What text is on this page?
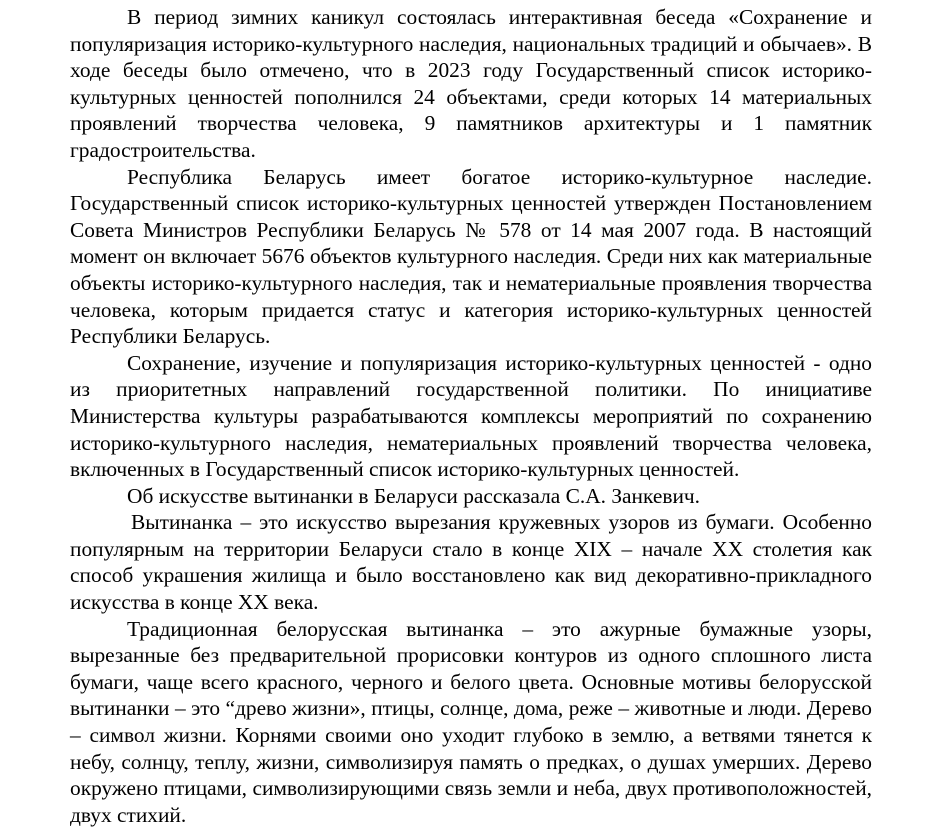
В период зимних каникул состоялась интерактивная беседа «Сохранение и популяризация историко-культурного наследия, национальных традиций и обычаев». В ходе беседы было отмечено, что в 2023 году Государственный список историко-культурных ценностей пополнился 24 объектами, среди которых 14 материальных проявлений творчества человека, 9 памятников архитектуры и 1 памятник градостроительства.

Республика Беларусь имеет богатое историко-культурное наследие. Государственный список историко-культурных ценностей утвержден Постановлением Совета Министров Республики Беларусь № 578 от 14 мая 2007 года. В настоящий момент он включает 5676 объектов культурного наследия. Среди них как материальные объекты историко-культурного наследия, так и нематериальные проявления творчества человека, которым придается статус и категория историко-культурных ценностей Республики Беларусь.

Сохранение, изучение и популяризация историко-культурных ценностей - одно из приоритетных направлений государственной политики. По инициативе Министерства культуры разрабатываются комплексы мероприятий по сохранению историко-культурного наследия, нематериальных проявлений творчества человека, включенных в Государственный список историко-культурных ценностей.

Об искусстве вытинанки в Беларуси рассказала С.А. Занкевич.

Вытинанка – это искусство вырезания кружевных узоров из бумаги. Особенно популярным на территории Беларуси стало в конце XIX – начале XX столетия как способ украшения жилища и было восстановлено как вид декоративно-прикладного искусства в конце XX века.

Традиционная белорусская вытинанка – это ажурные бумажные узоры, вырезанные без предварительной прорисовки контуров из одного сплошного листа бумаги, чаще всего красного, черного и белого цвета. Основные мотивы белорусской вытинанки – это “древо жизни», птицы, солнце, дома, реже – животные и люди. Дерево – символ жизни. Корнями своими оно уходит глубоко в землю, а ветвями тянется к небу, солнцу, теплу, жизни, символизируя память о предках, о душах умерших. Дерево окружено птицами, символизирующими связь земли и неба, двух противоположностей, двух стихий.
